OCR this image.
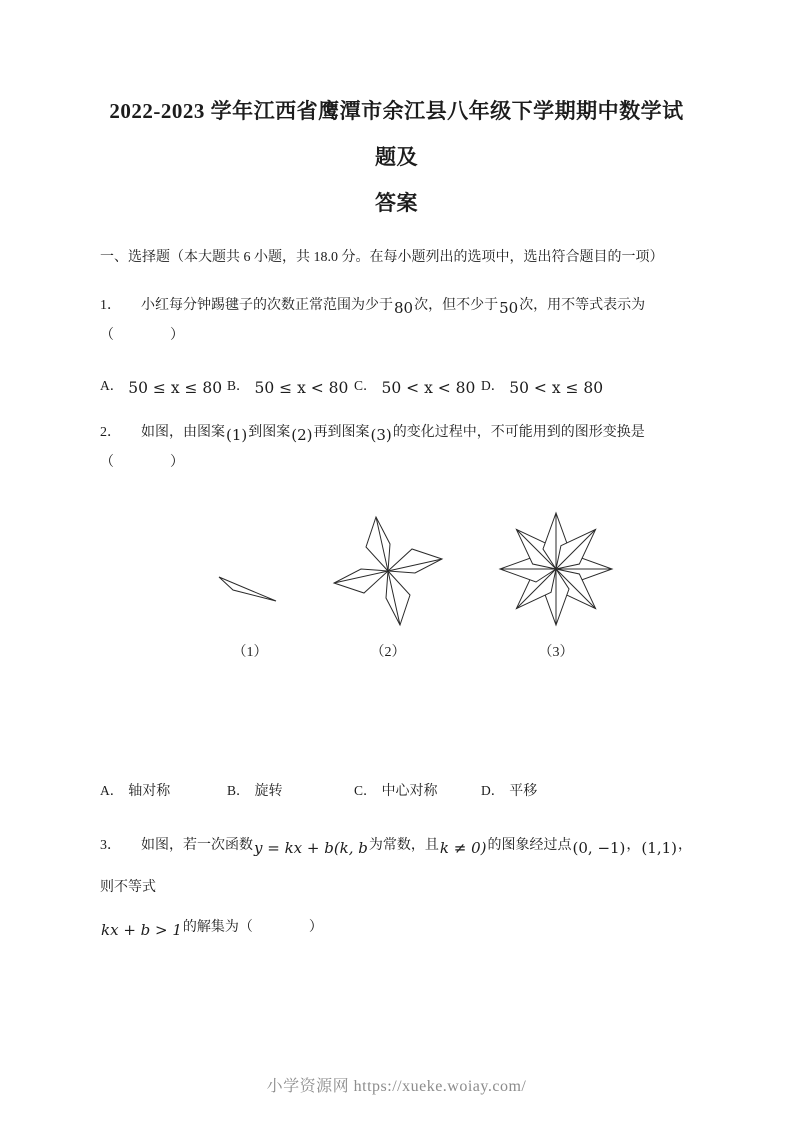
2022-2023 学年江西省鹰潭市余江县八年级下学期期中数学试题及
答案

一、选择题（本大题共 6 小题，共 18.0 分。在每小题列出的选项中，选出符合题目的一项）

1． 小红每分钟踢毽子的次数正常范围为少于80次，但不少于50次，用不等式表示为（　　　　）

A． 50 ≤ x ≤ 80 B． 50 ≤ x < 80 C． 50 < x < 80 D． 50 < x ≤ 80

2． 如图，由图案(1)到图案(2)再到图案(3)的变化过程中，不可能用到的图形变换是（　　　　）

（1）	（2）	（3）
A． 轴对称	B． 旋转	C． 中心对称	D． 平移
3． 如图，若一次函数y = kx + b(k, b为常数，且k ≠ 0)的图象经过点(0, −1)，(1,1)，则不等式
kx + b > 1的解集为（　　　　）
小学资源网 https://xueke.woiay.com/
